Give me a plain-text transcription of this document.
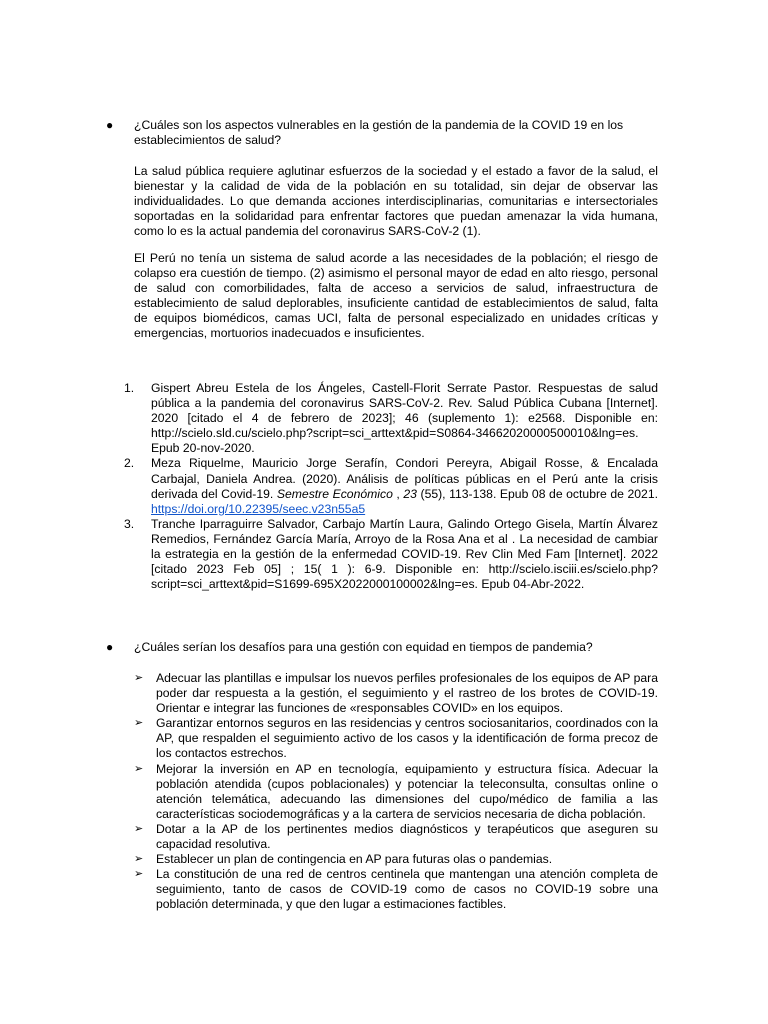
●	¿Cuáles son los aspectos vulnerables en la gestión de la pandemia de la COVID 19 en los establecimientos de salud?
La salud pública requiere aglutinar esfuerzos de la sociedad y el estado a favor de la salud, el bienestar y la calidad de vida de la población en su totalidad, sin dejar de observar las individualidades. Lo que demanda acciones interdisciplinarias, comunitarias e intersectoriales soportadas en la solidaridad para enfrentar factores que puedan amenazar la vida humana, como lo es la actual pandemia del coronavirus SARS-CoV-2 (1).
El Perú no tenía un sistema de salud acorde a las necesidades de la población; el riesgo de colapso era cuestión de tiempo. (2) asimismo el personal mayor de edad en alto riesgo, personal de salud con comorbilidades, falta de acceso a servicios de salud, infraestructura de establecimiento de salud deplorables, insuficiente cantidad de establecimientos de salud, falta de equipos biomédicos, camas UCI, falta de personal especializado en unidades críticas y emergencias, mortuorios inadecuados e insuficientes.
1. Gispert Abreu Estela de los Ángeles, Castell-Florit Serrate Pastor. Respuestas de salud pública a la pandemia del coronavirus SARS-CoV-2. Rev. Salud Pública Cubana [Internet]. 2020 [citado el 4 de febrero de 2023]; 46 (suplemento 1): e2568. Disponible en: http://scielo.sld.cu/scielo.php?script=sci_arttext&pid=S0864-34662020000500010&lng=es. Epub 20-nov-2020.
2. Meza Riquelme, Mauricio Jorge Serafín, Condori Pereyra, Abigail Rosse, & Encalada Carbajal, Daniela Andrea. (2020). Análisis de políticas públicas en el Perú ante la crisis derivada del Covid-19. Semestre Económico , 23 (55), 113-138. Epub 08 de octubre de 2021. https://doi.org/10.22395/seec.v23n55a5
3. Tranche Iparraguirre Salvador, Carbajo Martín Laura, Galindo Ortego Gisela, Martín Álvarez Remedios, Fernández García María, Arroyo de la Rosa Ana et al . La necesidad de cambiar la estrategia en la gestión de la enfermedad COVID-19. Rev Clin Med Fam [Internet]. 2022 [citado 2023 Feb 05] ; 15( 1 ): 6-9. Disponible en: http://scielo.isciii.es/scielo.php?script=sci_arttext&pid=S1699-695X2022000100002&lng=es. Epub 04-Abr-2022.
●	¿Cuáles serían los desafíos para una gestión con equidad en tiempos de pandemia?
➢ Adecuar las plantillas e impulsar los nuevos perfiles profesionales de los equipos de AP para poder dar respuesta a la gestión, el seguimiento y el rastreo de los brotes de COVID-19. Orientar e integrar las funciones de «responsables COVID» en los equipos.
➢ Garantizar entornos seguros en las residencias y centros sociosanitarios, coordinados con la AP, que respalden el seguimiento activo de los casos y la identificación de forma precoz de los contactos estrechos.
➢ Mejorar la inversión en AP en tecnología, equipamiento y estructura física. Adecuar la población atendida (cupos poblacionales) y potenciar la teleconsulta, consultas online o atención telemática, adecuando las dimensiones del cupo/médico de familia a las características sociodemográficas y a la cartera de servicios necesaria de dicha población.
➢ Dotar a la AP de los pertinentes medios diagnósticos y terapéuticos que aseguren su capacidad resolutiva.
➢ Establecer un plan de contingencia en AP para futuras olas o pandemias.
➢ La constitución de una red de centros centinela que mantengan una atención completa de seguimiento, tanto de casos de COVID-19 como de casos no COVID-19 sobre una población determinada, y que den lugar a estimaciones factibles.
